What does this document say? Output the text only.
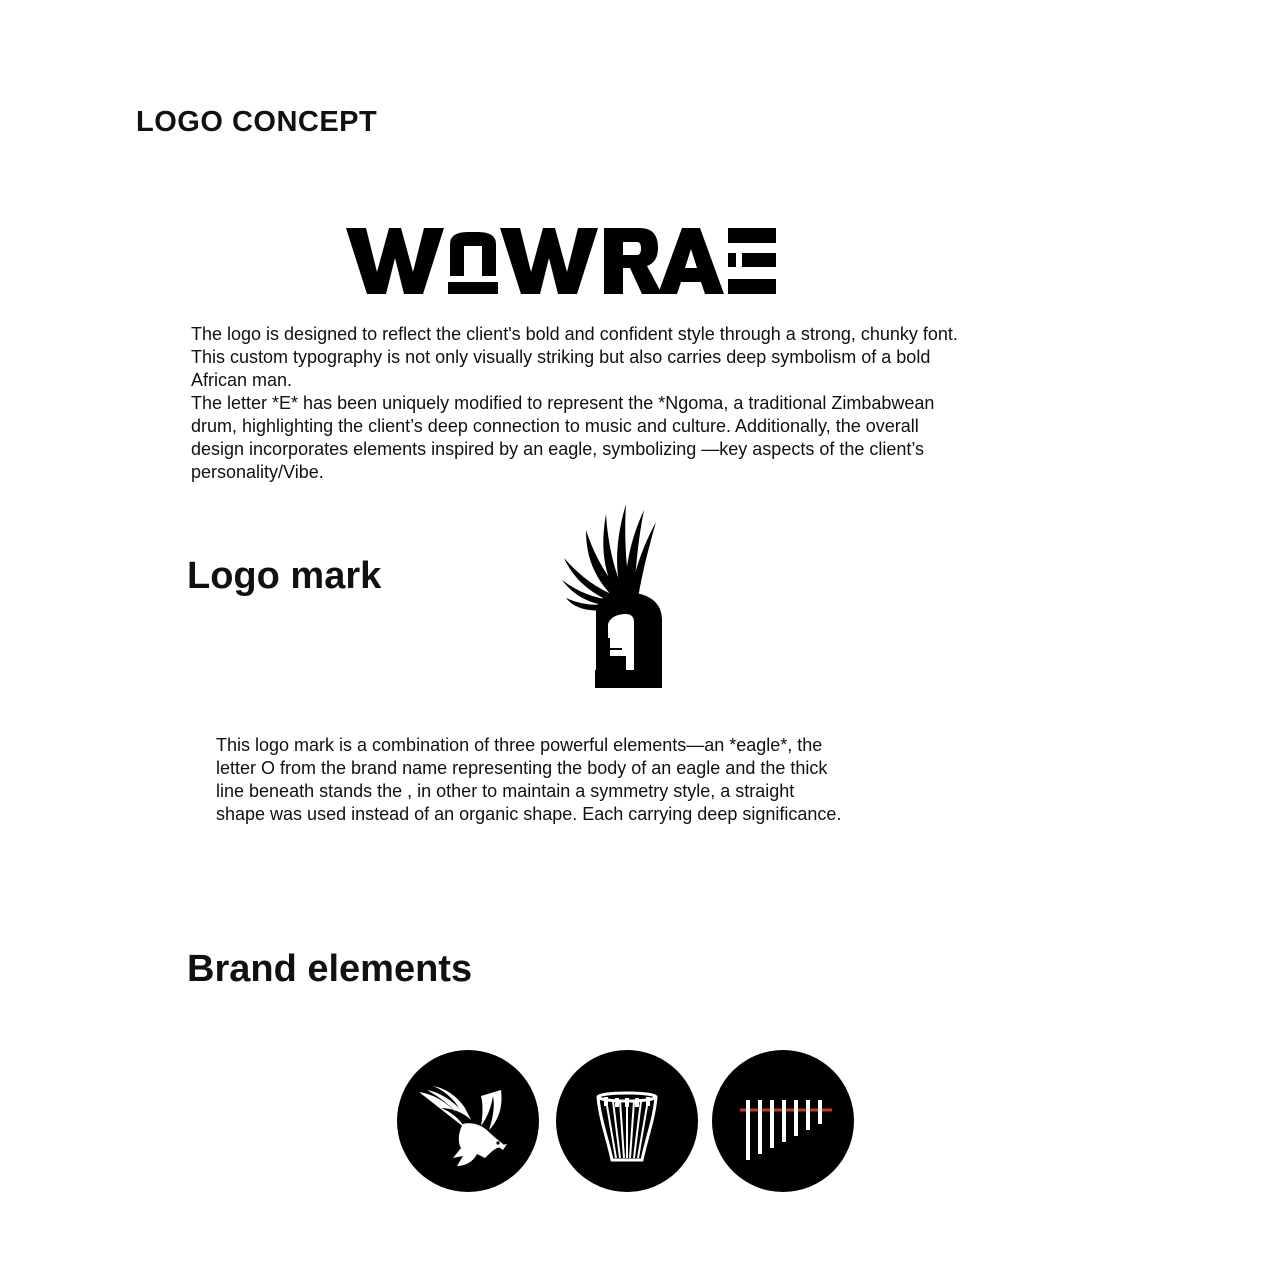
LOGO CONCEPT
The logo is designed to reflect the client's bold and confident style through a strong, chunky font.
This custom typography is not only visually striking but also carries deep symbolism of a bold
African man.
The letter *E* has been uniquely modified to represent the *Ngoma, a traditional Zimbabwean
drum, highlighting the client’s deep connection to music and culture. Additionally, the overall
design incorporates elements inspired by an eagle, symbolizing —key aspects of the client’s
personality/Vibe.
Logo mark
This logo mark is a combination of three powerful elements—an *eagle*, the
letter O from the brand name representing the body of an eagle and the thick
line beneath stands the , in other to maintain a symmetry style, a straight
shape was used instead of an organic shape. Each carrying deep significance.
Brand elements
